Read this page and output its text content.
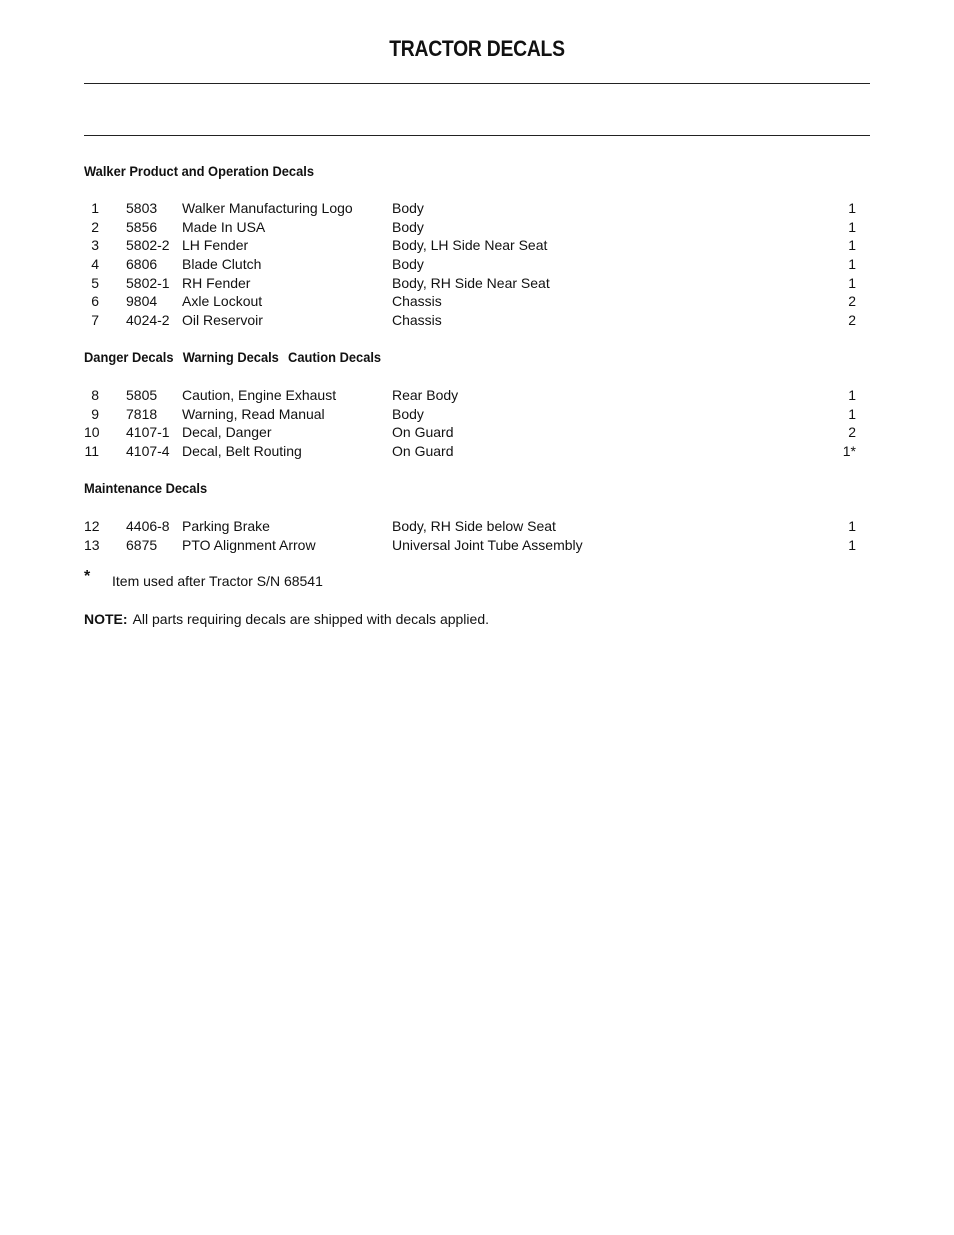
TRACTOR DECALS
Walker Product and Operation Decals
1 5803 Walker Manufacturing Logo	Body	1
2 5856 Made In USA	Body	1
3 5802-2 LH Fender	Body, LH Side Near Seat	1
4 6806 Blade Clutch	Body	1
5 5802-1 RH Fender	Body, RH Side Near Seat	1
6 9804 Axle Lockout	Chassis	2
7 4024-2 Oil Reservoir	Chassis	2
Danger Decals Warning Decals Caution Decals
8 5805 Caution, Engine Exhaust	Rear Body	1
9 7818 Warning, Read Manual	Body	1
10 4107-1 Decal, Danger	On Guard	2
11 4107-4 Decal, Belt Routing	On Guard	1*
Maintenance Decals
12 4406-8 Parking Brake	Body, RH Side below Seat	1
13 6875 PTO Alignment Arrow	Universal Joint Tube Assembly	1
* Item used after Tractor S/N 68541
NOTE: All parts requiring decals are shipped with decals applied.
